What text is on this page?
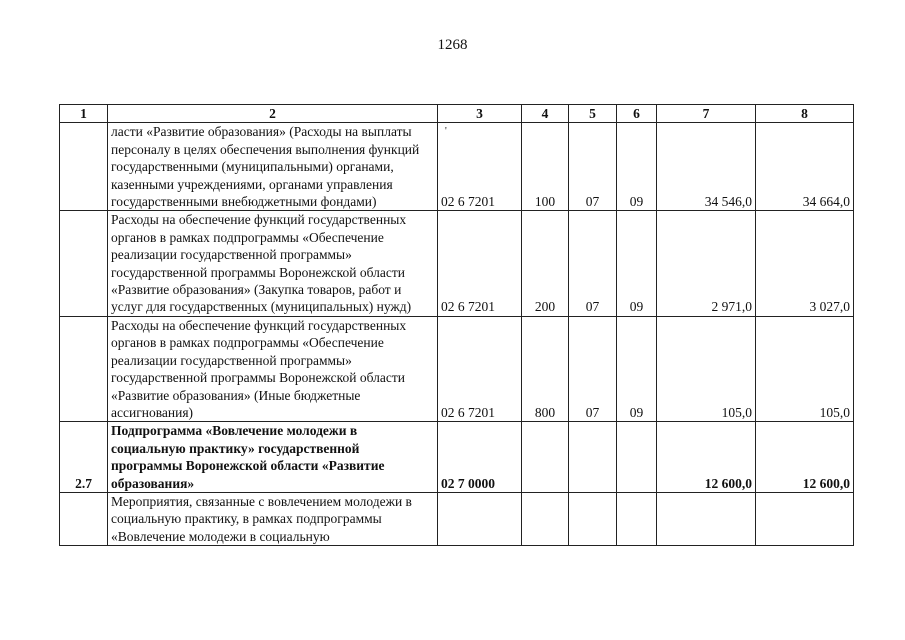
1268
'
1	2	3	4	5	6	7	8
	ласти «Развитие образования» (Расходы на выплаты персоналу в целях обеспечения выполнения функций государственными (муниципальными) органами, казенными учреждениями, органами управления государственными внебюджетными фондами)	02 6 7201	100	07	09	34 546,0	34 664,0
	Расходы на обеспечение функций государственных органов в рамках подпрограммы «Обеспечение реализации государственной программы» государственной программы Воронежской области «Развитие образования» (Закупка товаров, работ и услуг для государственных (муниципальных) нужд)	02 6 7201	200	07	09	2 971,0	3 027,0
	Расходы на обеспечение функций государственных органов в рамках подпрограммы «Обеспечение реализации государственной программы» государственной программы Воронежской области «Развитие образования» (Иные бюджетные ассигнования)	02 6 7201	800	07	09	105,0	105,0
2.7	Подпрограмма «Вовлечение молодежи в социальную практику» государственной программы Воронежской области «Развитие образования»	02 7 0000				12 600,0	12 600,0
	Мероприятия, связанные с вовлечением молодежи в социальную практику, в рамках подпрограммы «Вовлечение молодежи в социальную						
